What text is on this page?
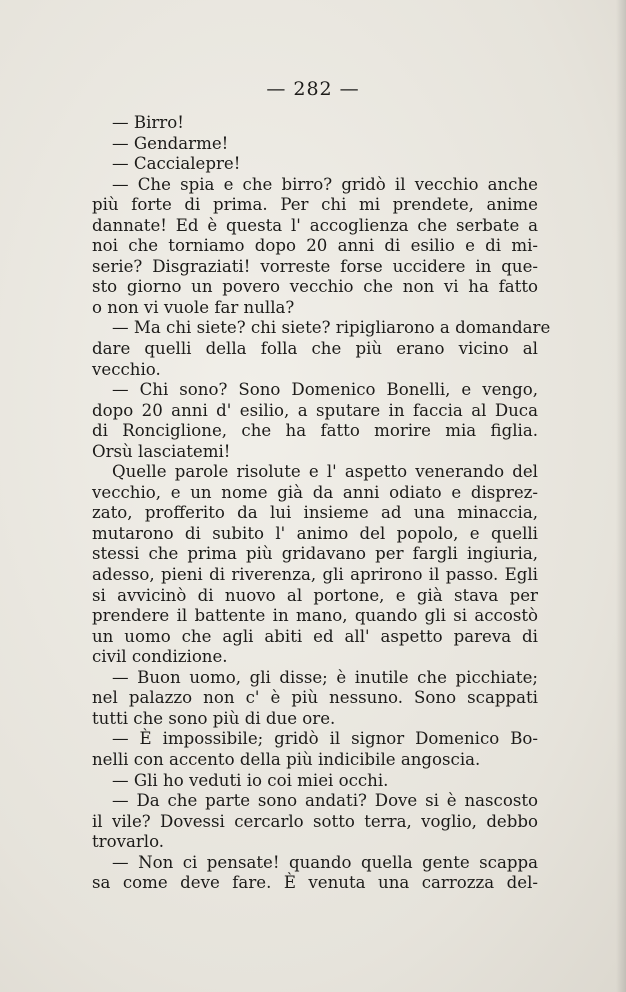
— 282 —
— Birro!
— Gendarme!
— Caccialepre!
— Che spia e che birro? gridò il vecchio anche
più forte di prima. Per chi mi prendete, anime
dannate! Ed è questa l' accoglienza che serbate a
noi che torniamo dopo 20 anni di esilio e di mi-
serie? Disgraziati! vorreste forse uccidere in que-
sto giorno un povero vecchio che non vi ha fatto
o non vi vuole far nulla?
— Ma chi siete? chi siete? ripigliarono a domandare
dare quelli della folla che più erano vicino al
vecchio.
— Chi sono? Sono Domenico Bonelli, e vengo,
dopo 20 anni d' esilio, a sputare in faccia al Duca
di Ronciglione, che ha fatto morire mia figlia.
Orsù lasciatemi!
Quelle parole risolute e l' aspetto venerando del
vecchio, e un nome già da anni odiato e disprez-
zato, profferito da lui insieme ad una minaccia,
mutarono di subito l' animo del popolo, e quelli
stessi che prima più gridavano per fargli ingiuria,
adesso, pieni di riverenza, gli aprirono il passo. Egli
si avvicinò di nuovo al portone, e già stava per
prendere il battente in mano, quando gli si accostò
un uomo che agli abiti ed all' aspetto pareva di
civil condizione.
— Buon uomo, gli disse; è inutile che picchiate;
nel palazzo non c' è più nessuno. Sono scappati
tutti che sono più di due ore.
— È impossibile; gridò il signor Domenico Bo-
nelli con accento della più indicibile angoscia.
— Gli ho veduti io coi miei occhi.
— Da che parte sono andati? Dove si è nascosto
il vile? Dovessi cercarlo sotto terra, voglio, debbo
trovarlo.
— Non ci pensate! quando quella gente scappa
sa come deve fare. È venuta una carrozza del-
